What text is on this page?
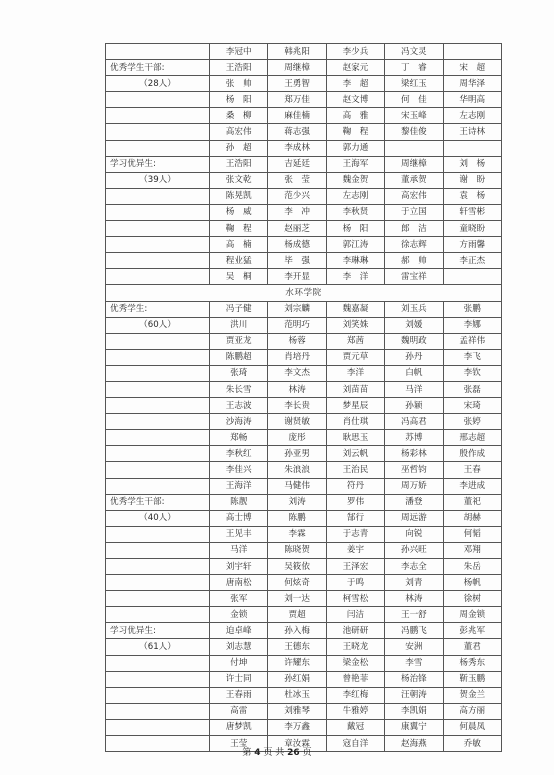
	李冠中	韩兆阳	李少兵	冯文灵	
优秀学生干部:	王浩阳	周继樟	赵家元	丁　睿	宋　超
（28人）	张　帅	王勇智	李　超	梁红玉	周华泽
	杨　阳	郑万佳	赵文博	何　佳	华明高
	桑　柳	麻佳楠	高　雅	宋玉峰	左志刚
	高宏伟	蒋志强	鞠　程	黎佳俊	王诗林
	孙　超	李成林	郭力通		
学习优异生:	王浩阳	吉延廷	王海军	周继樟	刘　杨
（39人）	张文乾	张　莹	魏金贺	董承贺	谢　盼
	陈晃凯	范少兴	左志刚	高宏伟	袁　杨
	杨　威	李　冲	李秋贤	于立国	轩雪彬
	鞠　程	赵丽芝	杨　阳	郎　洁	童晓盼
	高　楠	杨成德	郭江涛	徐志辉	方雨馨
	程业猛	毕　强	李琳琳	郝　帅	李正杰
	吴　桐	李开显	李　洋	雷宝祥	
水环学院					
优秀学生:	冯子健	刘宗麟	魏嘉凝	刘玉兵	张鹏
（60人）	洪川	范明巧	刘笑姝	刘媛	李娜
	贾亚龙	杨蓉	郑茜	魏明政	孟祥伟
	陈鹏超	肖培丹	贾元草	孙丹	李飞
	张琦	李文杰	李洋	白帆	李钦
	朱长雪	林涛	刘苗苗	马洋	张磊
	王志波	李长贵	梦星辰	孙颖	宋琦
	沙海涛	谢贤敏	肖仕琪	冯高君	张婷
	郑畅	庞彤	耿思玉	苏博	邢志超
	李秋红	孙亚男	刘云帆	杨彩林	殷作成
	李佳兴	朱浪浪	王治民	巫哲钧	王春
	王海洋	马健伟	符丹	周万娇	李进成
优秀学生干部:	陈靓	刘涛	罗伟	潘登	董祀
（40人）	高士博	陈鹏	郜行	周远游	胡赫
	王见丰	李霖	于志青	向锐	何韬
	马洋	陈晓贺	姜宇	孙兴旺	邓翔
	刘宇轩	吴筱依	王泽宏	李志全	朱岳
	唐南松	何炫奇	于鸣	刘青	杨帆
	张军	刘一达	柯雪松	林涛	徐树
	金锁	贾超	闫洁	王一舒	周金锁
学习优异生:	迫卓峰	孙入梅	池研研	冯鹏飞	彭兆军
（61人）	刘志慧	王德东	王晓龙	安洲	董君
	付坤	许耀东	梁金松	李雪	杨秀东
	许士同	孙红娟	曾艳菲	杨治锋	靳玉鹏
	王春雨	杜冰玉	李红梅	汪朝涛	贺金兰
	高雷	刘雅琴	牛雅婷	李凯娟	高方丽
	唐梦凯	李万鑫	戴冠	康翼宁	何晨凤
	王莹	章汝霖	寇自洋	赵海燕	乔敏
第 4 页 共 26 页
